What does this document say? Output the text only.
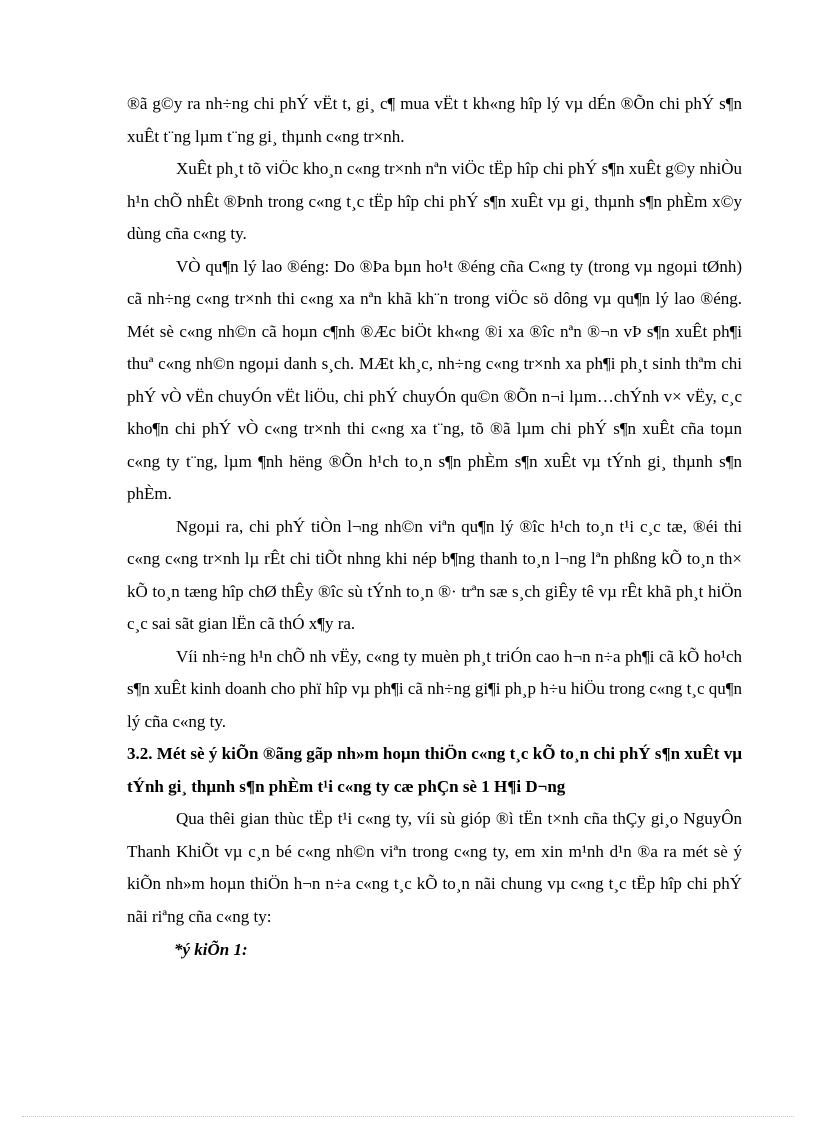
®ã g©y ra nh÷ng chi phÝ vËt t, gi¸ c¶ mua vËt t kh«ng hîp lý vµ dÉn ®Õn chi phÝ s¶n xuÊt t¨ng lµm t¨ng gi¸ thµnh c«ng tr×nh.

XuÊt ph¸t tõ viÖc kho¸n c«ng tr×nh nªn viÖc tËp hîp chi phÝ s¶n xuÊt g©y nhiÒu h¹n chÕ nhÊt ®Þnh trong c«ng t¸c tËp hîp chi phÝ s¶n xuÊt vµ gi¸ thµnh s¶n phÈm x©y dùng cña c«ng ty.

VÒ qu¶n lý lao ®éng: Do ®Þa bµn ho¹t ®éng cña C«ng ty (trong vµ ngoµi tØnh) cã nh÷ng c«ng tr×nh thi c«ng xa nªn khã kh¨n trong viÖc sö dông vµ qu¶n lý lao ®éng. Mét sè c«ng nh©n cã hoµn c¶nh ®Æc biÖt kh«ng ®i xa ®îc nªn ®¬n vÞ s¶n xuÊt ph¶i thuª c«ng nh©n ngoµi danh s¸ch. MÆt kh¸c, nh÷ng c«ng tr×nh xa ph¶i ph¸t sinh thªm chi phÝ vÒ vËn chuyÓn vËt liÖu, chi phÝ chuyÓn qu©n ®Õn n¬i lµm…chÝnh v× vËy, c¸c kho¶n chi phÝ vÒ c«ng tr×nh thi c«ng xa t¨ng, tõ ®ã lµm chi phÝ s¶n xuÊt cña toµn c«ng ty t¨ng, lµm ¶nh hëng ®Õn h¹ch to¸n s¶n phÈm s¶n xuÊt vµ tÝnh gi¸ thµnh s¶n phÈm.

Ngoµi ra, chi phÝ tiÒn l¬ng nh©n viªn qu¶n lý ®îc h¹ch to¸n t¹i c¸c tæ, ®éi thi c«ng c«ng tr×nh lµ rÊt chi tiÕt nhng khi nép b¶ng thanh to¸n l¬ng lªn phßng kÕ to¸n th× kÕ to¸n tæng hîp chØ thÊy ®îc sù tÝnh to¸n ®· trªn sæ s¸ch giÊy tê vµ rÊt khã ph¸t hiÖn c¸c sai sãt gian lËn cã thÓ x¶y ra.

Víi nh÷ng h¹n chÕ nh vËy, c«ng ty muèn ph¸t triÓn cao h¬n n÷a ph¶i cã kÕ ho¹ch s¶n xuÊt kinh doanh cho phï hîp vµ ph¶i cã nh÷ng gi¶i ph¸p h÷u hiÖu trong c«ng t¸c qu¶n lý cña c«ng ty.

3.2. Mét sè ý kiÕn ®ãng gãp nh»m hoµn thiÖn c«ng t¸c kÕ to¸n chi phÝ s¶n xuÊt vµ tÝnh gi¸ thµnh s¶n phÈm t¹i c«ng ty cæ phÇn sè 1 H¶i D¬ng

Qua thêi gian thùc tËp t¹i c«ng ty, víi sù gióp ®ì tËn t×nh cña thÇy gi¸o NguyÔn Thanh KhiÕt vµ c¸n bé c«ng nh©n viªn trong c«ng ty, em xin m¹nh d¹n ®a ra mét sè ý kiÕn nh»m hoµn thiÖn h¬n n÷a c«ng t¸c kÕ to¸n nãi chung vµ c«ng t¸c tËp hîp chi phÝ nãi riªng cña c«ng ty:

*ý kiÕn 1:
